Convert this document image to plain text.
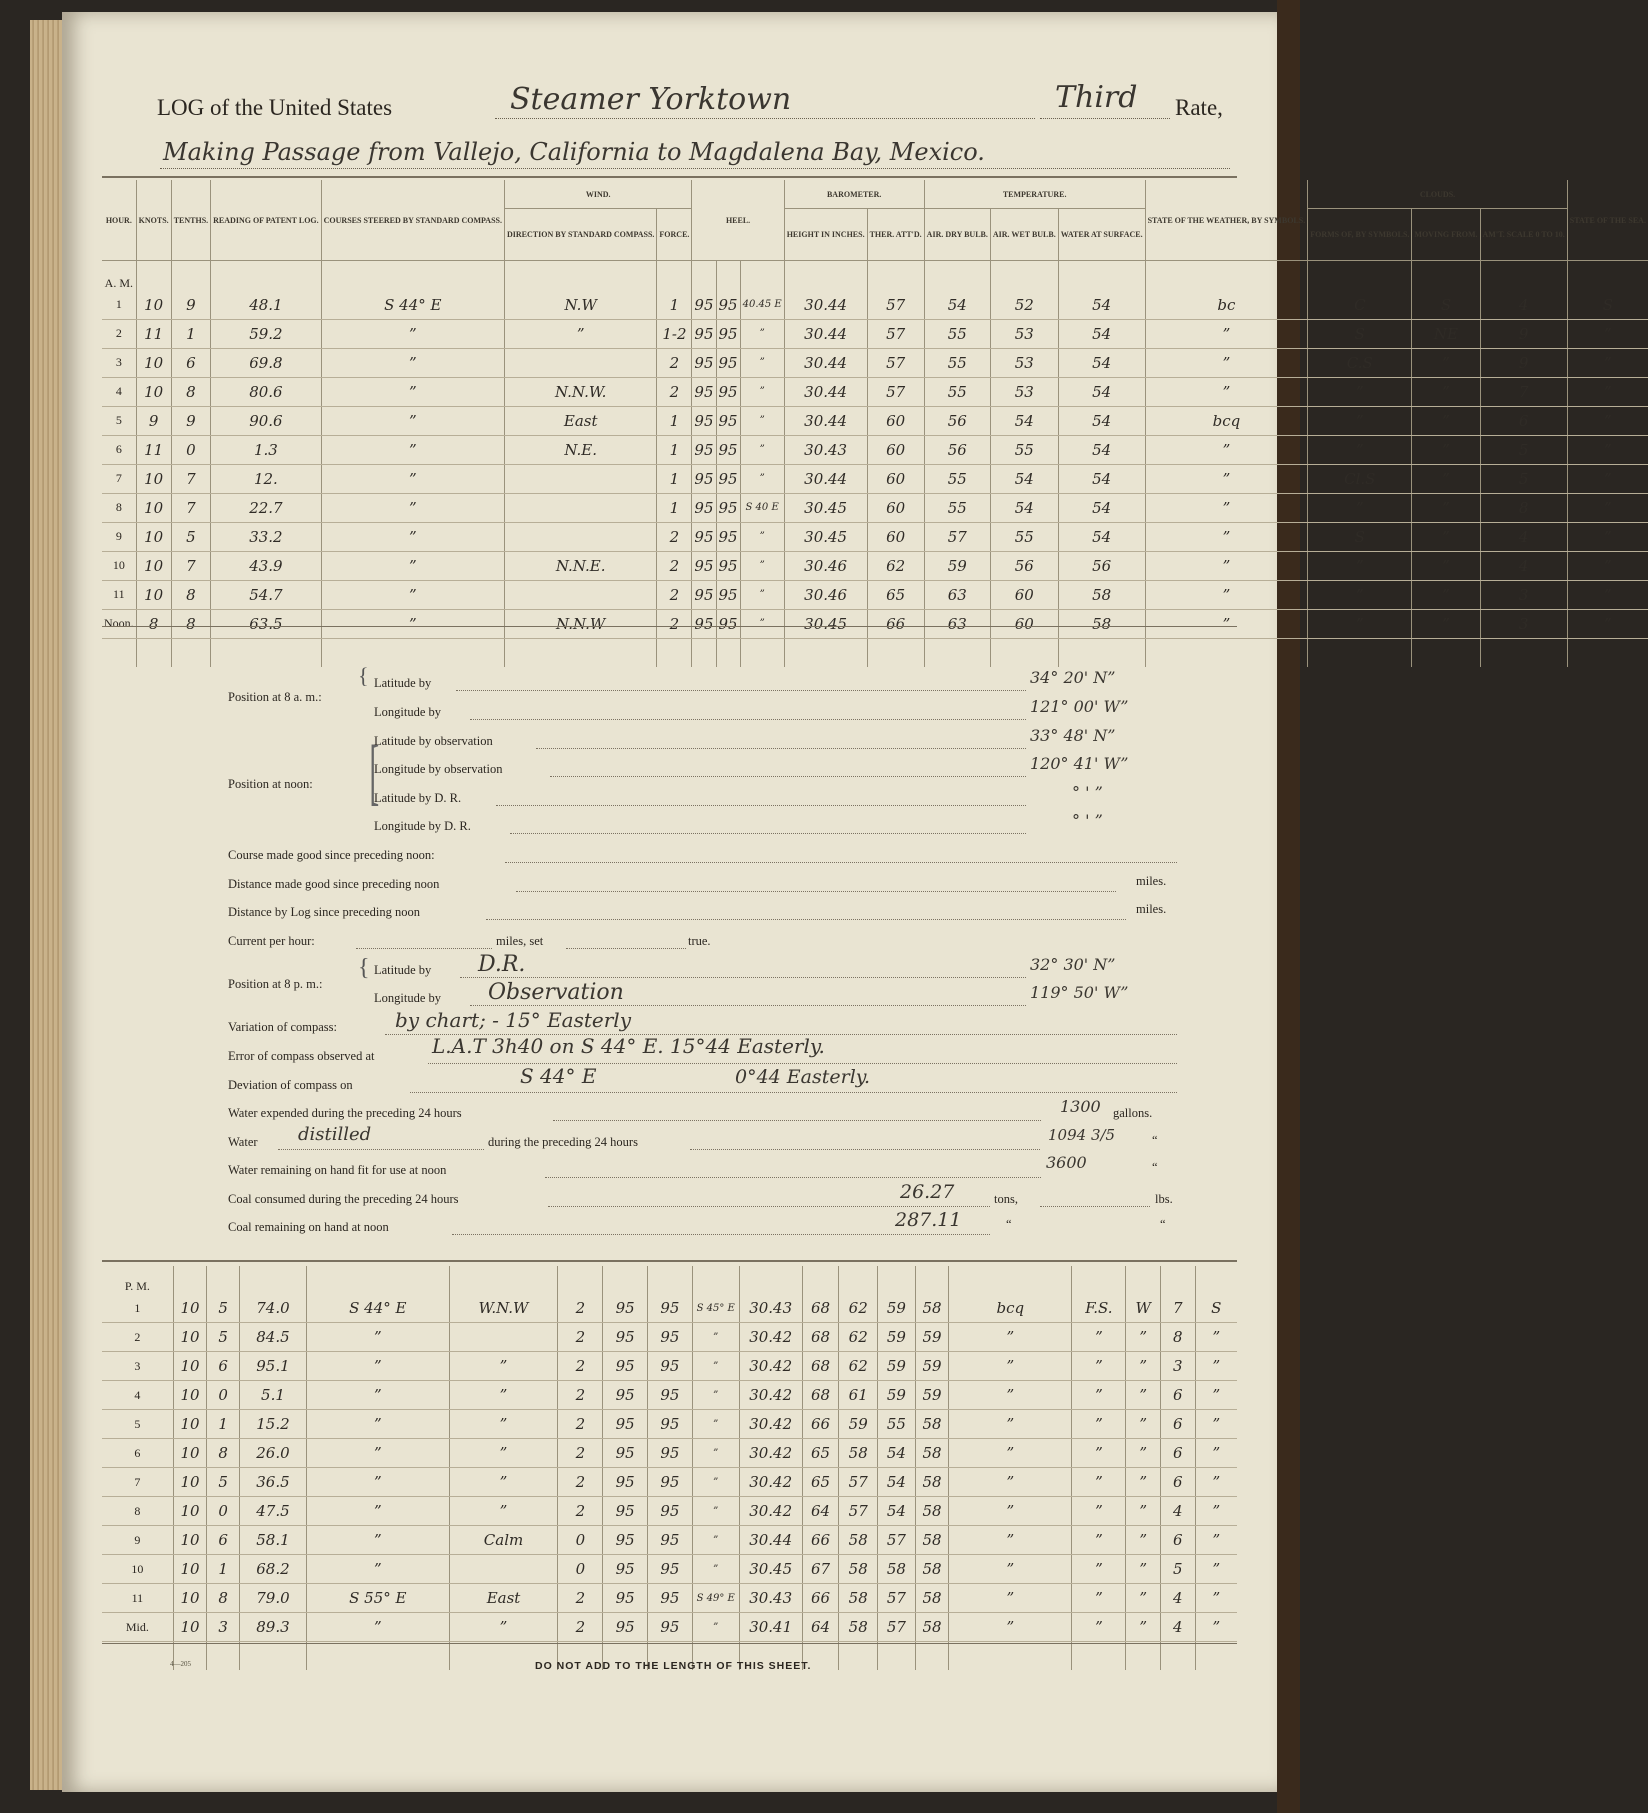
LOG of the United States	Steamer Yorktown	Third Rate,
Making Passage from Vallejo, California to Magdalena Bay, Mexico.
HOUR.	KNOTS.	TENTHS.	READING OF PATENT LOG.	COURSES STEERED BY STANDARD COMPASS.	WIND.		HEEL.			BAROMETER.		TEMPERATURE.			STATE OF THE WEATHER, BY SYMBOLS.	CLOUDS.			STATE OF THE SEA.
					DIRECTION BY STANDARD COMPASS.	FORCE.				HEIGHT IN INCHES.	THER. ATT'D.	AIR. DRY BULB.	AIR. WET BULB.	WATER AT SURFACE.		FORMS OF, BY SYMBOLS.	MOVING FROM.	AM'T. SCALE 0 TO 10.	
A. M.																			
1	10	9	48.1	S 44° E	N.W	1	95	95	40.45 E	30.44	57	54	52	54	bc	C	S	4	S
2	11	1	59.2	”	”	1-2	95	95	”	30.44	57	55	53	54	”	S	NE	9	”
3	10	6	69.8	”		2	95	95	”	30.44	57	55	53	54	”	C.S	”	9	”
4	10	8	80.6	”	N.N.W.	2	95	95	”	30.44	57	55	53	54	”	”	”	7	”
5	9	9	90.6	”	East	1	95	95	”	30.44	60	56	54	54	bcq	”	”	6	”
6	11	0	1.3	”	N.E.	1	95	95	”	30.43	60	56	55	54	”	”	”	5	”
7	10	7	12.	”		1	95	95	”	30.44	60	55	54	54	”	Cl.S	”	5	”
8	10	7	22.7	”		1	95	95	S 40 E	30.45	60	55	54	54	”	”	”	8	”
9	10	5	33.2	”		2	95	95	”	30.45	60	57	55	54	”	S	”	4	”
10	10	7	43.9	”	N.N.E.	2	95	95	”	30.46	62	59	56	56	”	”	”	4	”
11	10	8	54.7	”		2	95	95	”	30.46	65	63	60	58	”	”	”	3	”
Noon.	8	8	63.5	”	N.N.W	2	95	95	”	30.45	66	63	60	58	”	”	”	3	”

Position at 8 a. m.:
{ Latitude by	34° 20' N”
Longitude by	121° 00' W”
Position at noon: [
Latitude by observation	33° 48' N”
Longitude by observation	120° 41' W”
Latitude by D. R.	° ' ”
Longitude by D. R.	° ' ”
Course made good since preceding noon:
Distance made good since preceding noon	miles.
Distance by Log since preceding noon	miles.
Current per hour:	miles, set	true.
Position at 8 p. m.:
{ Latitude by D.R.	32° 30' N”
Longitude by Observation	119° 50' W”
Variation of compass:	by chart; - 15° Easterly
Error of compass observed at	L.A.T 3h40 on S 44° E. 15°44 Easterly.
Deviation of compass on	S 44° E	0°44 Easterly.
Water expended during the preceding 24 hours	1300 gallons.
Water distilled	during the preceding 24 hours	1094 3/5	“
Water remaining on hand fit for use at noon	3600	“
Coal consumed during the preceding 24 hours	26.27	tons,	lbs.
Coal remaining on hand at noon	287.11	“	“
P. M.																			
1	10	5	74.0	S 44° E	W.N.W	2	95	95	S 45° E	30.43	68	62	59	58	bcq	F.S.	W	7	S
2	10	5	84.5	”		2	95	95	”	30.42	68	62	59	59	”	”	”	8	”
3	10	6	95.1	”	”	2	95	95	”	30.42	68	62	59	59	”	”	”	3	”
4	10	0	5.1	”	”	2	95	95	”	30.42	68	61	59	59	”	”	”	6	”
5	10	1	15.2	”	”	2	95	95	”	30.42	66	59	55	58	”	”	”	6	”
6	10	8	26.0	”	”	2	95	95	”	30.42	65	58	54	58	”	”	”	6	”
7	10	5	36.5	”	”	2	95	95	”	30.42	65	57	54	58	”	”	”	6	”
8	10	0	47.5	”	”	2	95	95	”	30.42	64	57	54	58	”	”	”	4	”
9	10	6	58.1	”	Calm	0	95	95	”	30.44	66	58	57	58	”	”	”	6	”
10	10	1	68.2	”		0	95	95	”	30.45	67	58	58	58	”	”	”	5	”
11	10	8	79.0	S 55° E	East	2	95	95	S 49° E	30.43	66	58	57	58	”	”	”	4	”
Mid.	10	3	89.3	”	”	2	95	95	”	30.41	64	58	57	58	”	”	”	4	”

4—205	DO NOT ADD TO THE LENGTH OF THIS SHEET.
